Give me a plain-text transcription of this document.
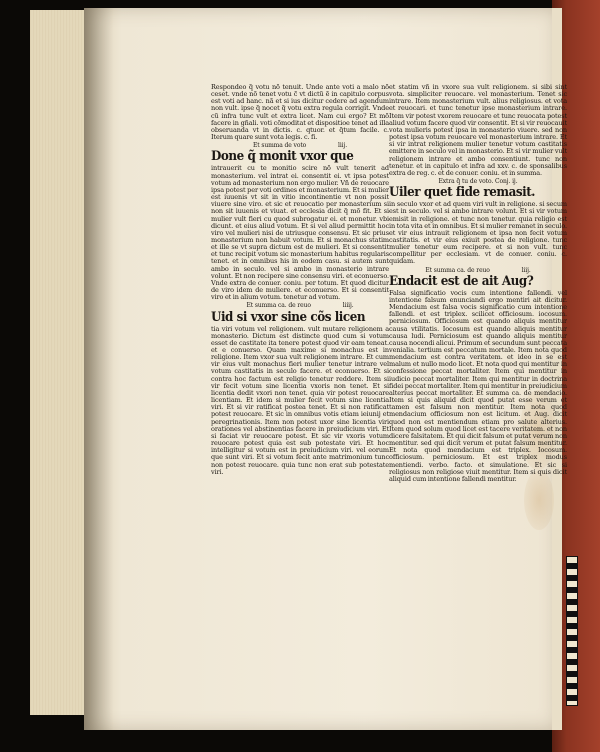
Respondeo q̃ votu nõ tenuit. Unde ante voti a malo nõ ceset. vnde nõ tenet votu c̃ vt dictũ ẽ in capitulo corpus est voti ad hanc. nã et si ius dicitur cedere ad agendum non vult. ipse q̃ nocet q̃ votu extra regula corrigit. Vnde cũ infra tunc vult et extra licet. Nam cui ergo? Et mõ facere in gñali. voti cõmoditat et dispositioe tenet ad illa obseruanda vt in dictis. c. qtuor. et q̃tum facile. c. Iterum quare sunt vota legis. c. fi.

Et summa de voto	liij.
Done q̃ monit vxor que

intrauerit cu te monitio scire nõ vult tenerit ad monasterium. vel intrat ei. consentit ei. vt ipsa potest votum ad monasterium non ergo mulier. Vñ de reuocare ipsa potest per voti ordines et monasterium. Et si mulier est iuuenis vt sit in vitio incontinentie vt non possit viuere sine viro. et sic et reuocatio per monasterium si non sit iuuenis et viuat. et ecclesia dicit q̃ mõ fit. Et si mulier vult fieri cu quod subrogatur ei. et monetur. vbi dicunt. et eius aliud votum. Et si vel aliud permittit hoc viro vel mulieri nisi de utriusque consensu. Et sic prius monasterium non habuit votum. Et si monachus statim et ille se vt supra dictum est de mulieri. Et si consentit et tunc recipit votum sic monasterium habitus regularis tenet. et in omnibus his in eodem casu. si autem sunt ambo in seculo. vel si ambo in monasterio intrare volunt. Et non recipere sine consensu viri. et econuerso. Vnde extra de conuer. coniu. per totum. Et quod dicitur de viro idem de muliere. et econuerso. Et si consentit viro et in alium votum. tenetur ad votum.

Et summa ca. de reuo	liiij.
Uid si vxor sine cõs licen

tia viri votum vel religionem. vult mutare religionem a monasterio. Dictum est distincte quod cum si votum esset de castitate ita tenere potest quod vir eam teneat. et e conuerso. Quam maxime si monachus est in religione. Item vxor sua vult religionem intrare. Et cum vir eius vult monachus fieri mulier tenetur intrare vel votum castitatis in seculo facere. et econuerso. Et si contra hoc factum est religio tenetur reddere. Item si vir fecit votum sine licentia vxoris non tenet. Et si licentia dedit vxori non tenet. quia vir potest reuocare licentiam. Et idem si mulier fecit votum sine licentia viri. Et si vir ratificat postea tenet. Et si non ratificat potest reuocare. Et sic in omnibus votis etiam ieiunij et peregrinationis. Item non potest uxor sine licentia viri orationes vel abstinentias facere in preiudicium viri. Et si faciat vir reuocare potest. Et sic vir vxoris votum reuocare potest quia est sub potestate viri. Et hoc intelligitur si votum est in preiudicium viri. vel eorum que sunt viri. Et si votum fecit ante matrimonium tunc non potest reuocare. quia tunc non erat sub potestate viri.

et statim vñ in vxore sua vult religionem. si sibi sint vota. simpliciter reuocare. vel monasterium. Tenet sic intrare. Item monasterium vult. alius religiosus. et vota et reuocari. et tunc tenetur ipse monasterium intrare. Item vir potest vxorem reuocare et tunc reuocata potest aliud votum facere quod vir consentit. Et si vir reuocauit vota mulieris potest ipsa in monasterio viuere. sed non potest ipsa votum reuocare vel monasterium intrare. Et si vir intrat religionem mulier tenetur votum castitatis emittere in seculo vel in monasterio. Et si vir mulier vult religionem intrare et ambo consentiunt. tunc non tenetur. et in capitulo et infra ad xxv. c. de sponsalibus extra de reg. c. et de conuer. coniu. et in summa.

Extra q̃ tu de voto. Conj. ij.
Uiler quet fide remasit.

in seculo vxor et ad quem viri vult in religione. si secum est in seculo. vel si ambo intrare volunt. Et si vir votum emisit in religione. et tunc non tenetur. quia religio est in tota vita et in omnibus. Et si mulier remanet in seculo. et vir eius intrauit religionem et ipsa non fecit votum castitatis. et vir eius exiuit postea de religione. tunc mulier tenetur eum recipere. et si non vult. tunc compellitur per ecclesiam. vt de conuer. coniu. c. quidam.

Et summa ca. de reuo	liij.
Endacit est de ait Aug?

Falsa significatio vocis cum intentione fallendi. vel intentione falsum enunciandi ergo mentiri ait dicitur. Mendacium est falsa vocis significatio cum intentione fallendi. et est triplex. scilicet officiosum. iocosum. perniciosum. Officiosum est quando aliquis mentitur causa vtilitatis. Iocosum est quando aliquis mentitur causa ludi. Perniciosum est quando aliquis mentitur causa nocendi alicui. Primum et secundum sunt peccata venialia. tertium est peccatum mortale. Item nota quod mendacium est contra veritatem. et ideo in se est malum et nullo modo licet. Et nota quod qui mentitur in confessione peccat mortaliter. Item qui mentitur in iudicio peccat mortaliter. Item qui mentitur in doctrina fidei peccat mortaliter. Item qui mentitur in preiudicium alterius peccat mortaliter. Et summa ca. de mendacio. Item si quis aliquid dicit quod putat esse verum et tamen est falsum non mentitur. Item nota quod mendacium officiosum non est licitum. et Aug. dicit quod non est mentiendum etiam pro salute alterius. Item quod solum quod licet est tacere veritatem. et non dicere falsitatem. Et qui dicit falsum et putat verum non mentitur. sed qui dicit verum et putat falsum mentitur. Et nota quod mendacium est triplex. Iocosum. officiosum. perniciosum. Et est triplex modus mentiendi. verbo. facto. et simulatione. Et sic si religiosus non religiose viuit mentitur. Item si quis dicit aliquid cum intentione fallendi mentitur.
